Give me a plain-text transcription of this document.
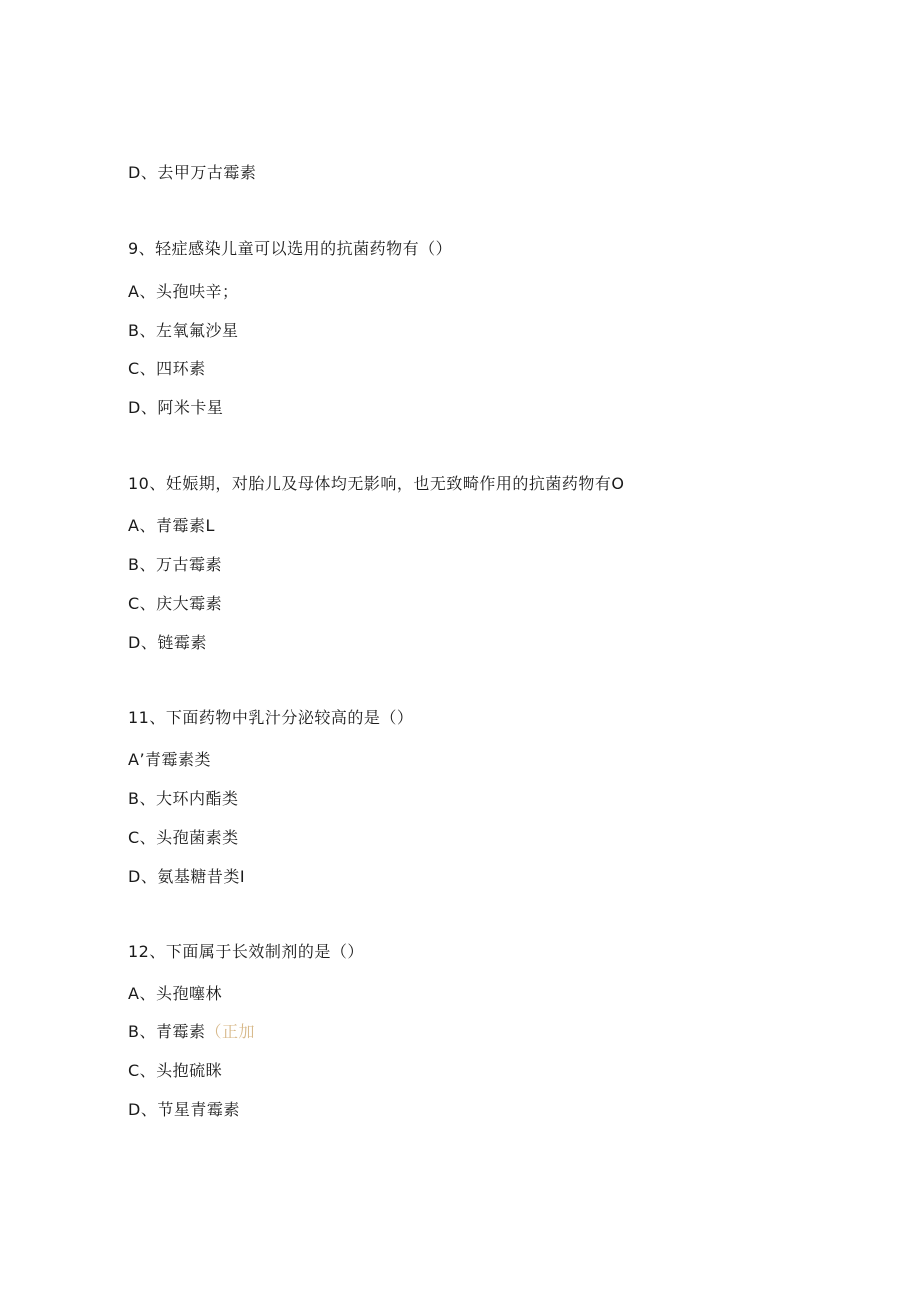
D、去甲万古霉素
9、轻症感染儿童可以选用的抗菌药物有（）
A、头孢呋辛；
B、左氧氟沙星
C、四环素
D、阿米卡星
10、妊娠期，对胎儿及母体均无影响，也无致畸作用的抗菌药物有O
A、青霉素L
B、万古霉素
C、庆大霉素
D、链霉素
11、下面药物中乳汁分泌较高的是（）
A’青霉素类
B、大环内酯类
C、头孢菌素类
D、氨基糖昔类I
12、下面属于长效制剂的是（）
A、头孢噻林
B、青霉素（正加
C、头抱硫眯
D、节星青霉素
